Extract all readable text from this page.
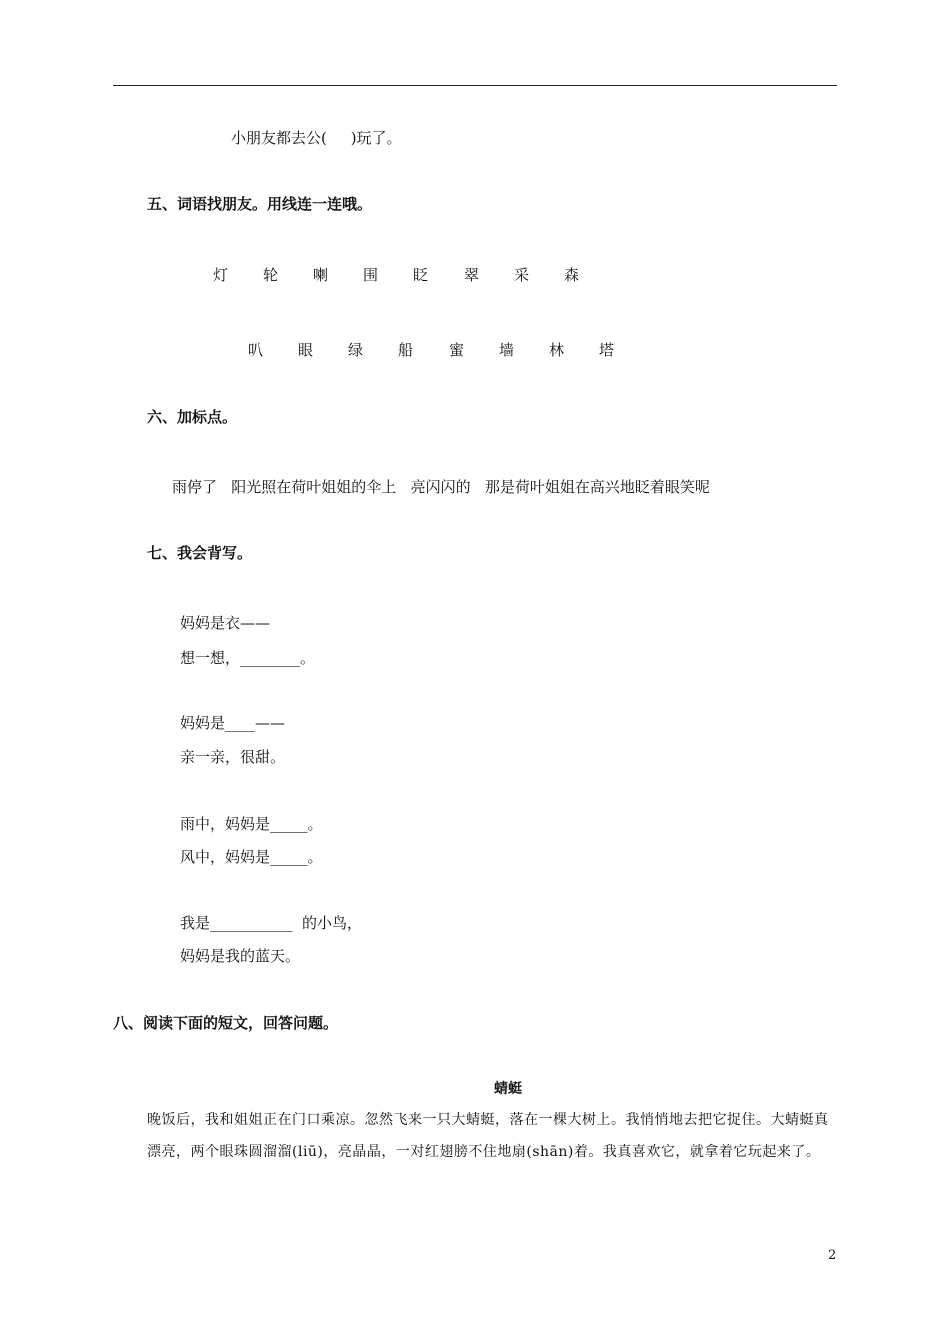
小朋友都去公(     )玩了。
五、词语找朋友。用线连一连哦。
灯 轮 喇 围 眨 翠 采 森
叭 眼 绿 船 蜜 墙 林 塔
六、加标点。
雨停了   阳光照在荷叶姐姐的伞上   亮闪闪的   那是荷叶姐姐在高兴地眨着眼笑呢
七、我会背写。
妈妈是衣——
想一想，________。
妈妈是____——
亲一亲，很甜。
雨中，妈妈是_____。
风中，妈妈是_____。
我是___________  的小鸟，
妈妈是我的蓝天。
八、阅读下面的短文，回答问题。
蜻蜓
晚饭后，我和姐姐正在门口乘凉。忽然飞来一只大蜻蜓，落在一棵大树上。我悄悄地去把它捉住。大蜻蜓真漂亮，两个眼珠圆溜溜(liū)，亮晶晶，一对红翅膀不住地扇(shān)着。我真喜欢它，就拿着它玩起来了。
2
